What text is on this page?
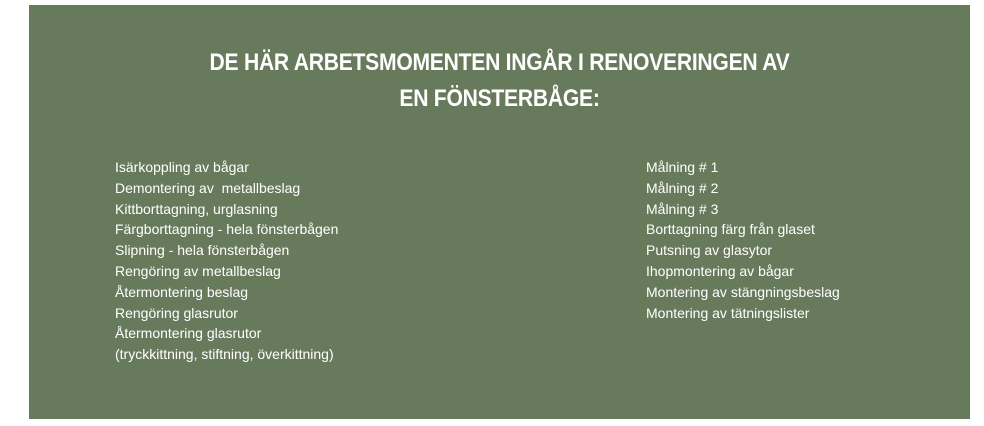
DE HÄR ARBETSMOMENTEN INGÅR I RENOVERINGEN AV
EN FÖNSTERBÅGE:
Isärkoppling av bågar
Demontering av  metallbeslag
Kittborttagning, urglasning
Färgborttagning - hela fönsterbågen
Slipning - hela fönsterbågen
Rengöring av metallbeslag
Återmontering beslag
Rengöring glasrutor
Återmontering glasrutor
(tryckkittning, stiftning, överkittning)
Målning # 1
Målning # 2
Målning # 3
Borttagning färg från glaset
Putsning av glasytor
Ihopmontering av bågar
Montering av stängningsbeslag
Montering av tätningslister
